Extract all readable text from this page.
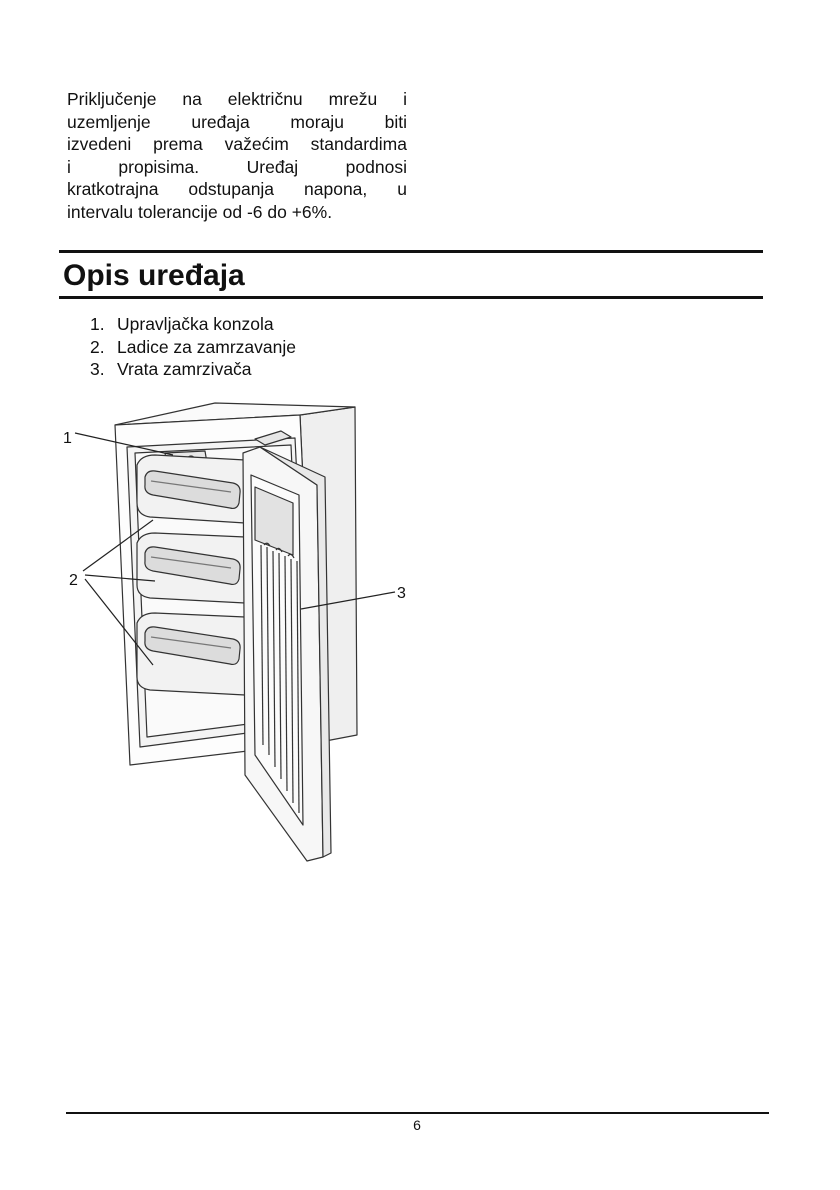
Priključenje na električnu mrežu i
uzemljenje uređaja moraju biti
izvedeni prema važećim standardima
i propisima. Uređaj podnosi
kratkotrajna odstupanja napona, u
intervalu tolerancije od -6 do +6%.
Opis uređaja
1. Upravljačka konzola
2. Ladice za zamrzavanje
3. Vrata zamrzivača
1
2
3
6
